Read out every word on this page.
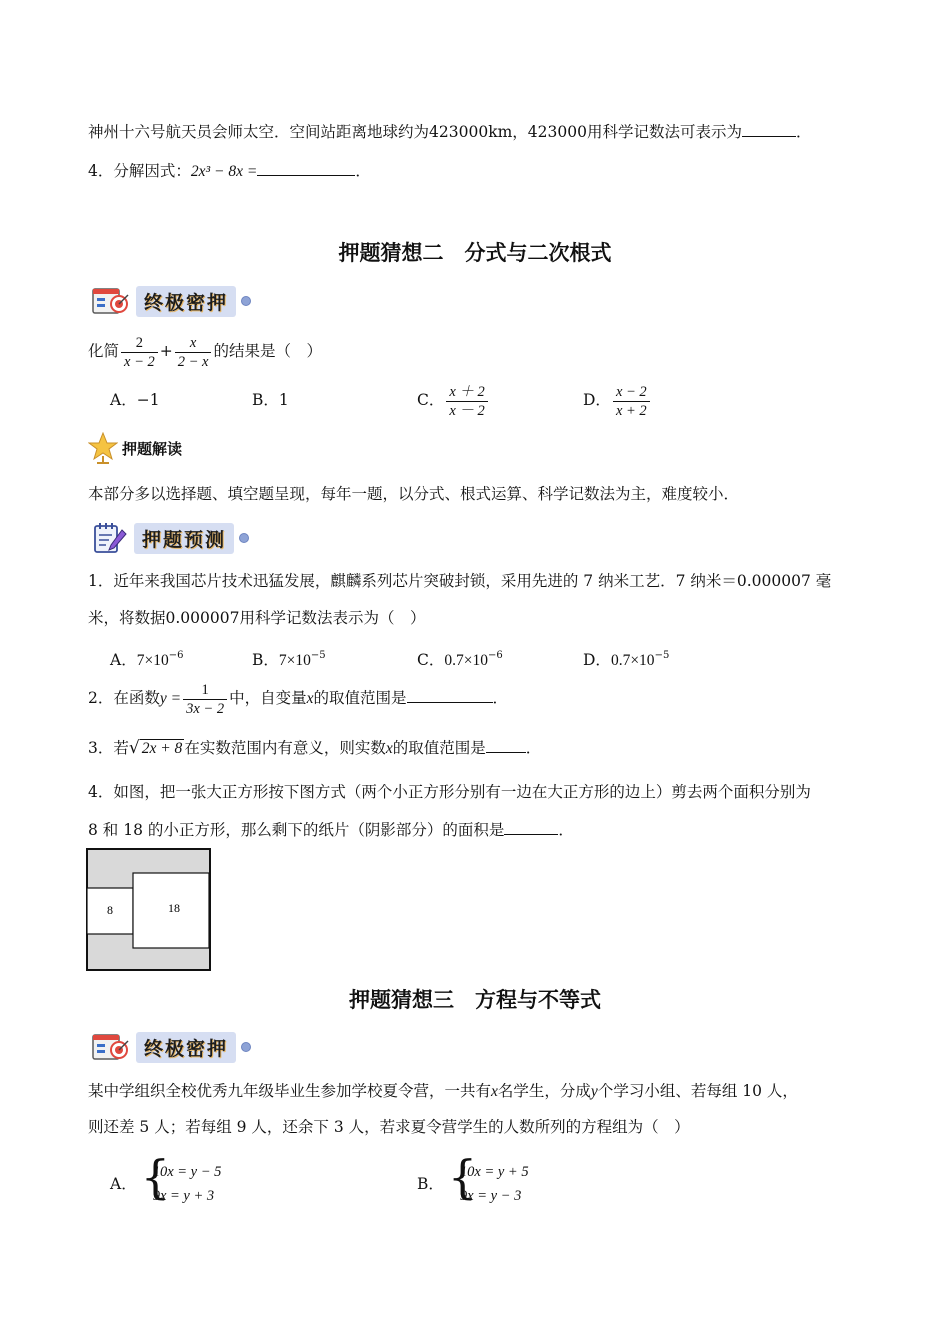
神州十六号航天员会师太空．空间站距离地球约为423000km，423000用科学记数法可表示为	．
4．分解因式：2x³ − 8x =	．
押题猜想二　分式与二次根式
终极密押
化简 $\frac{2}{x - 2} + \frac{x}{2 - x}$ 的结果是（　）
A．−1	B．1	C． $\frac{x + 2}{x - 2}$	D． $\frac{x - 2}{x + 2}$
押题解读
本部分多以选择题、填空题呈现，每年一题，以分式、根式运算、科学记数法为主，难度较小．
押题预测
1．近年来我国芯片技术迅猛发展，麒麟系列芯片突破封锁，采用先进的 7 纳米工艺．7 纳米＝0.000007 毫
米，将数据0.000007用科学记数法表示为（　）
A．$7\times 10^{-6}$	B．$7\times 10^{-5}$	C．$0.7\times 10^{-6}$	D．$0.7\times 10^{-5}$
2．在函数$y = \frac{1}{3x - 2}$ 中，自变量x的取值范围是	．
3．若√ 2x + 8 在实数范围内有意义，则实数x的取值范围是	．
4．如图，把一张大正方形按下图方式（两个小正方形分别有一边在大正方形的边上）剪去两个面积分别为
8 和 18 的小正方形，那么剩下的纸片（阴影部分）的面积是	．
8	18
押题猜想三　方程与不等式
终极密押
某中学组织全校优秀九年级毕业生参加学校夏令营，一共有x名学生，分成y个学习小组、若每组 10 人，
则还差 5 人；若每组 9 人，还余下 3 人，若求夏令营学生的人数所列的方程组为（　）
A． {
10x = y − 5
9x = y + 3
B． {
10x = y + 5
9x = y − 3
